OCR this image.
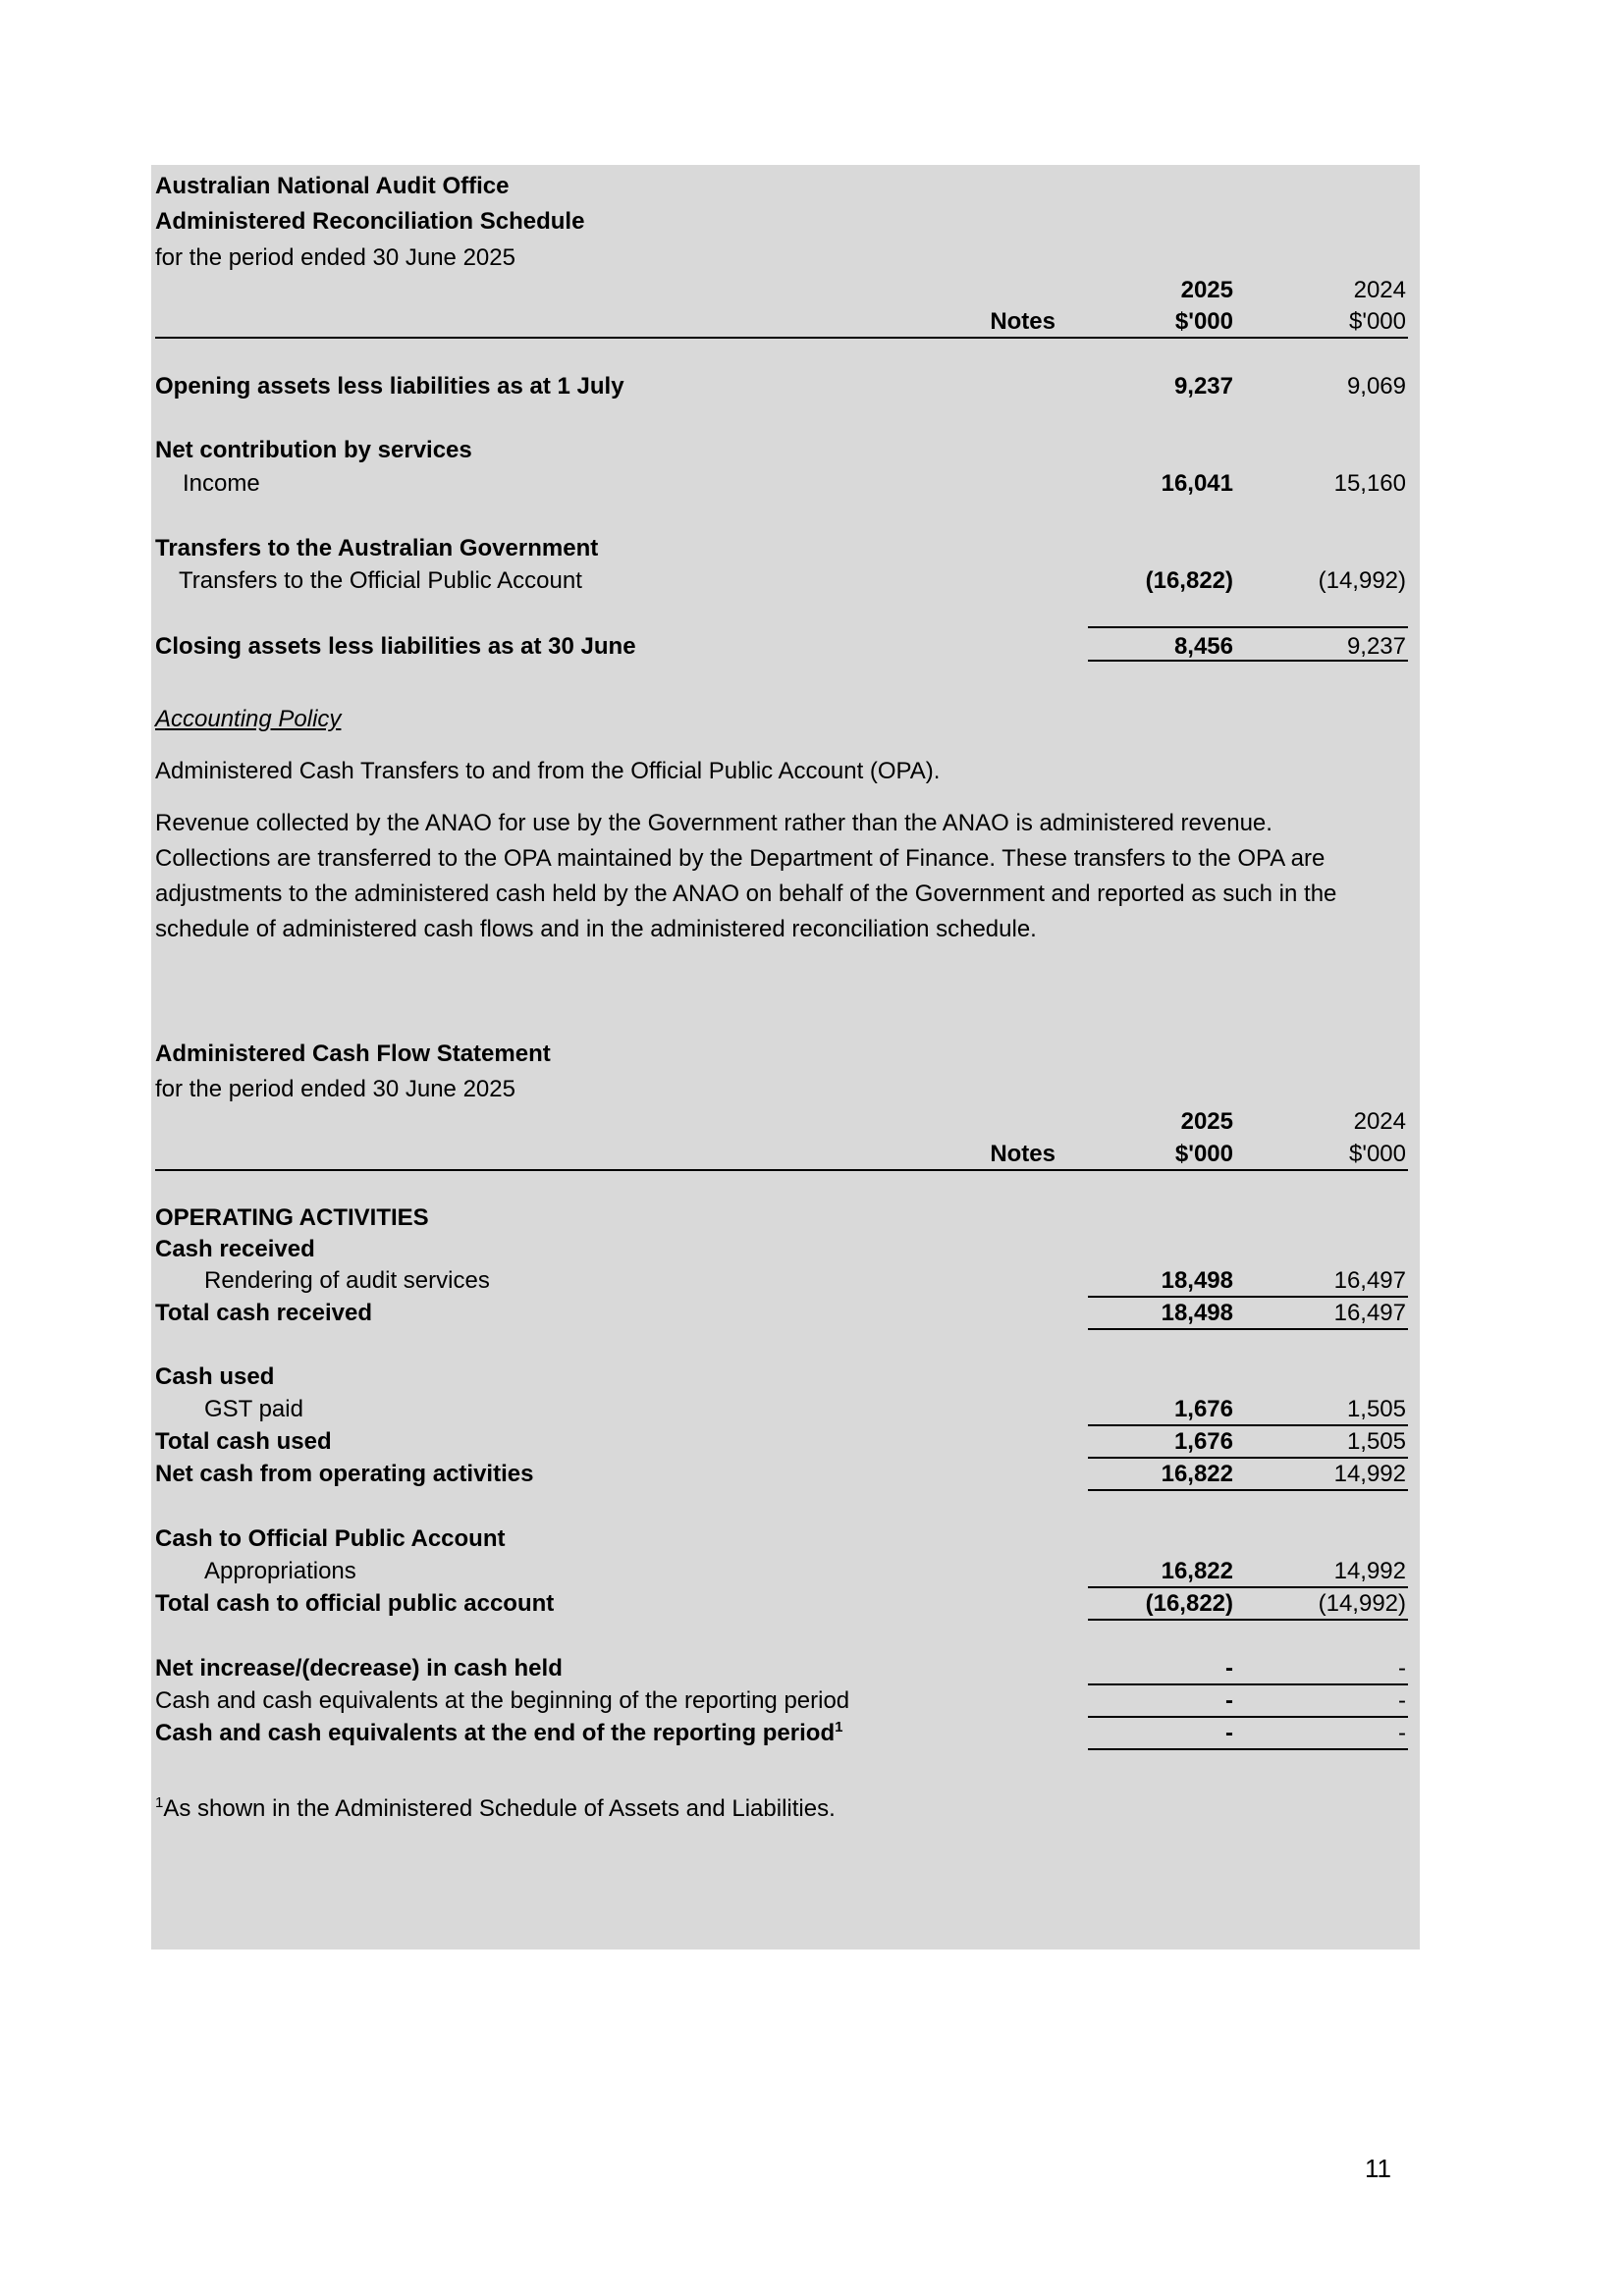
Australian National Audit Office
Administered Reconciliation Schedule
for the period ended 30 June 2025
2025	2024
Notes	$'000	$'000
Opening assets less liabilities as at 1 July	9,237	9,069
Net contribution by services
Income	16,041	15,160
Transfers to the Australian Government
Transfers to the Official Public Account	(16,822)	(14,992)
Closing assets less liabilities as at 30 June	8,456	9,237
Accounting Policy
Administered Cash Transfers to and from the Official Public Account (OPA).
Revenue collected by the ANAO for use by the Government rather than the ANAO is administered revenue.
Collections are transferred to the OPA maintained by the Department of Finance. These transfers to the OPA are
adjustments to the administered cash held by the ANAO on behalf of the Government and reported as such in the
schedule of administered cash flows and in the administered reconciliation schedule.
Administered Cash Flow Statement
for the period ended 30 June 2025
2025	2024
Notes	$'000	$'000
OPERATING ACTIVITIES
Cash received
Rendering of audit services	18,498	16,497
Total cash received	18,498	16,497
Cash used
GST paid	1,676	1,505
Total cash used	1,676	1,505
Net cash from operating activities	16,822	14,992
Cash to Official Public Account
Appropriations	16,822	14,992
Total cash to official public account	(16,822)	(14,992)
Net increase/(decrease) in cash held	-	-
Cash and cash equivalents at the beginning of the reporting period	-	-
Cash and cash equivalents at the end of the reporting period$^1$	-	-
$^1$As shown in the Administered Schedule of Assets and Liabilities.
11
